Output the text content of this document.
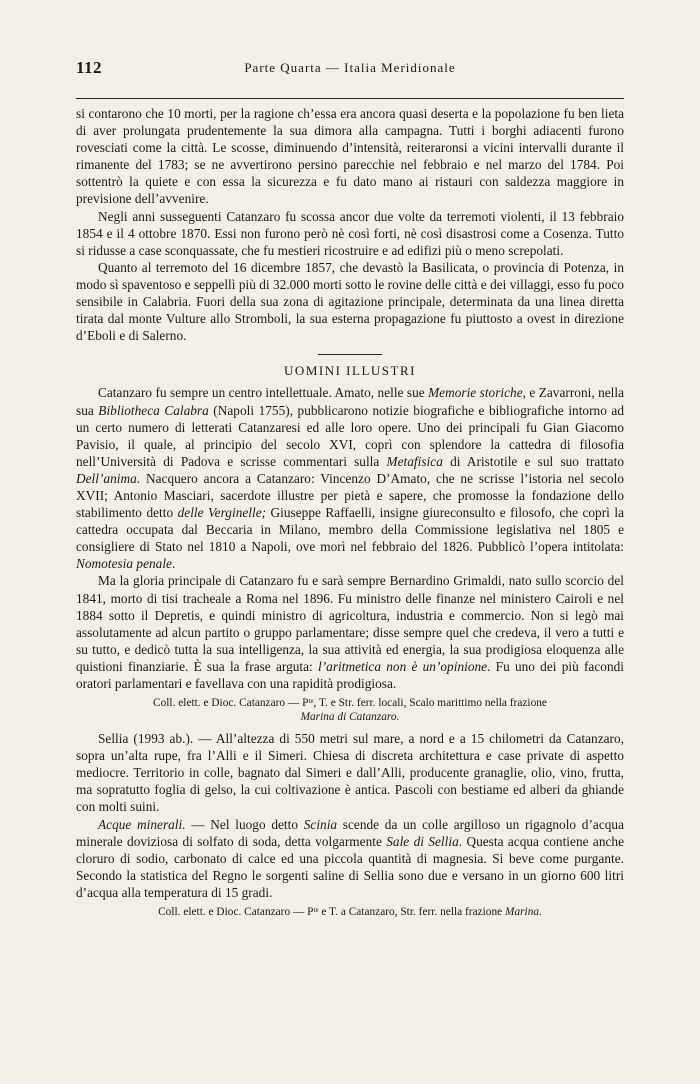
112	Parte Quarta — Italia Meridionale

si contarono che 10 morti, per la ragione ch’essa era ancora quasi deserta e la popolazione fu ben lieta di aver prolungata prudentemente la sua dimora alla campagna. Tutti i borghi adiacenti furono rovesciati come la città. Le scosse, diminuendo d’intensità, reiteraronsi a vicini intervalli durante il rimanente del 1783; se ne avvertirono persino parecchie nel febbraio e nel marzo del 1784. Poi sottentrò la quiete e con essa la sicurezza e fu dato mano ai ristauri con saldezza maggiore in previsione dell’avvenire.

Negli anni susseguenti Catanzaro fu scossa ancor due volte da terremoti violenti, il 13 febbraio 1854 e il 4 ottobre 1870. Essi non furono però nè così forti, nè così disastrosi come a Cosenza. Tutto si ridusse a case sconquassate, che fu mestieri ricostruire e ad edifizi più o meno screpolati.

Quanto al terremoto del 16 dicembre 1857, che devastò la Basilicata, o provincia di Potenza, in modo sì spaventoso e seppellì più di 32.000 morti sotto le rovine delle città e dei villaggi, esso fu poco sensibile in Calabria. Fuori della sua zona di agitazione principale, determinata da una linea diretta tirata dal monte Vulture allo Stromboli, la sua esterna propagazione fu piuttosto a ovest in direzione d’Eboli e di Salerno.

UOMINI ILLUSTRI

Catanzaro fu sempre un centro intellettuale. Amato, nelle sue Memorie storiche, e Zavarroni, nella sua Bibliotheca Calabra (Napoli 1755), pubblicarono notizie biografiche e bibliografiche intorno ad un certo numero di letterati Catanzaresi ed alle loro opere. Uno dei principali fu Gian Giacomo Pavisio, il quale, al principio del secolo XVI, coprì con splendore la cattedra di filosofia nell’Università di Padova e scrisse commentari sulla Metafisica di Aristotile e sul suo trattato Dell’anima. Nacquero ancora a Catanzaro: Vincenzo D’Amato, che ne scrisse l’istoria nel secolo XVII; Antonio Masciari, sacerdote illustre per pietà e sapere, che promosse la fondazione dello stabilimento detto delle Verginelle; Giuseppe Raffaelli, insigne giureconsulto e filosofo, che coprì la cattedra occupata dal Beccaria in Milano, membro della Commissione legislativa nel 1805 e consigliere di Stato nel 1810 a Napoli, ove morì nel febbraio del 1826. Pubblicò l’opera intitolata: Nomotesia penale.

Ma la gloria principale di Catanzaro fu e sarà sempre Bernardino Grimaldi, nato sullo scorcio del 1841, morto di tisi tracheale a Roma nel 1896. Fu ministro delle finanze nel ministero Cairoli e nel 1884 sotto il Depretis, e quindi ministro di agricoltura, industria e commercio. Non si legò mai assolutamente ad alcun partito o gruppo parlamentare; disse sempre quel che credeva, il vero a tutti e su tutto, e dedicò tutta la sua intelligenza, la sua attività ed energia, la sua prodigiosa eloquenza alle quistioni finanziarie. È sua la frase arguta: l’aritmetica non è un’opinione. Fu uno dei più facondi oratori parlamentari e favellava con una rapidità prodigiosa.

Coll. elett. e Dioc. Catanzaro — Pᵗᵉ, T. e Str. ferr. locali, Scalo marittimo nella frazione
Marina di Catanzaro.

Sellia (1993 ab.). — All’altezza di 550 metri sul mare, a nord e a 15 chilometri da Catanzaro, sopra un’alta rupe, fra l’Alli e il Simeri. Chiesa di discreta architettura e case private di aspetto mediocre. Territorio in colle, bagnato dal Simeri e dall’Alli, producente granaglie, olio, vino, frutta, ma sopratutto foglia di gelso, la cui coltivazione è antica. Pascoli con bestiame ed alberi da ghiande con molti suini.

Acque minerali. — Nel luogo detto Scinia scende da un colle argilloso un rigagnolo d’acqua minerale doviziosa di solfato di soda, detta volgarmente Sale di Sellia. Questa acqua contiene anche cloruro di sodio, carbonato di calce ed una piccola quantità di magnesia. Si beve come purgante. Secondo la statistica del Regno le sorgenti saline di Sellia sono due e versano in un giorno 600 litri d’acqua alla temperatura di 15 gradi.

Coll. elett. e Dioc. Catanzaro — Pᵗᵉ e T. a Catanzaro, Str. ferr. nella frazione Marina.
